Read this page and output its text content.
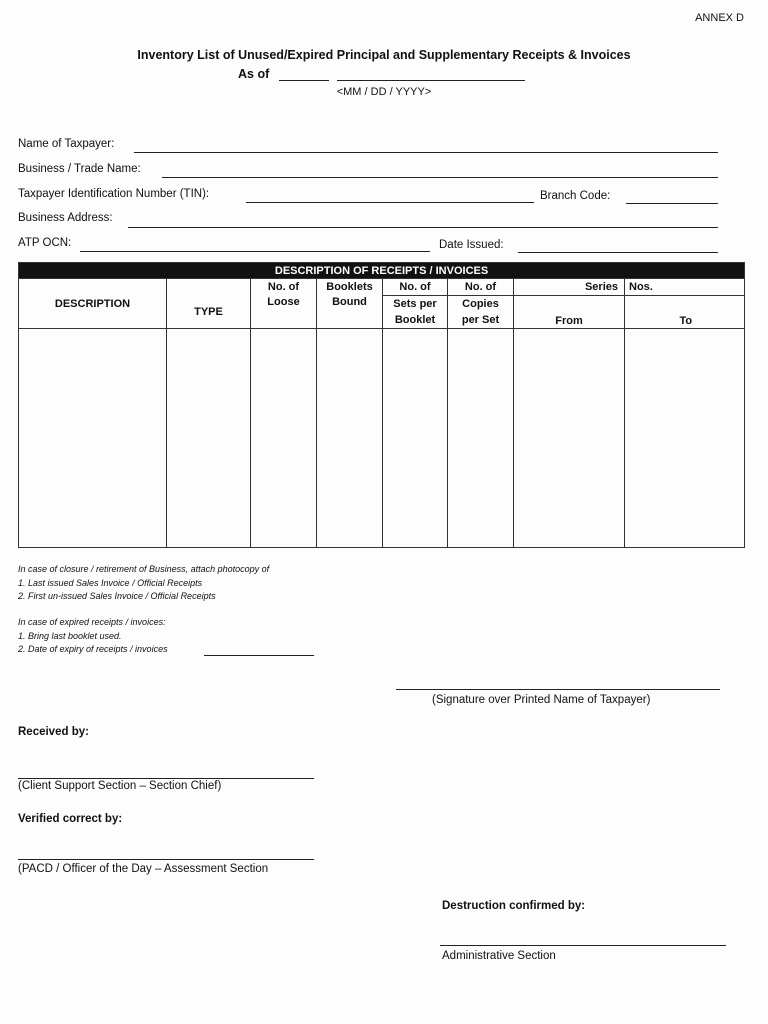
ANNEX D
Inventory List of Unused/Expired Principal and Supplementary Receipts & Invoices
As of
<MM / DD / YYYY>
Name of Taxpayer:
Business / Trade Name:
Taxpayer Identification Number (TIN):	Branch Code:
Business Address:
ATP OCN:	Date Issued:
DESCRIPTION OF RECEIPTS / INVOICES							
DESCRIPTION		No. of	Booklets	No. of	No. of	Series	Nos.
	TYPE	Loose	Bound	Sets per	Copies	From	To
				Booklet	per Set		

In case of closure / retirement of Business, attach photocopy of
1. Last issued Sales Invoice / Official Receipts
2. First un-issued Sales Invoice / Official Receipts
In case of expired receipts / invoices:
1. Bring last booklet used.
2. Date of expiry of receipts / invoices
(Signature over Printed Name of Taxpayer)
Received by:
(Client Support Section – Section Chief)
Verified correct by:
(PACD / Officer of the Day – Assessment Section
Destruction confirmed by:
Administrative Section
